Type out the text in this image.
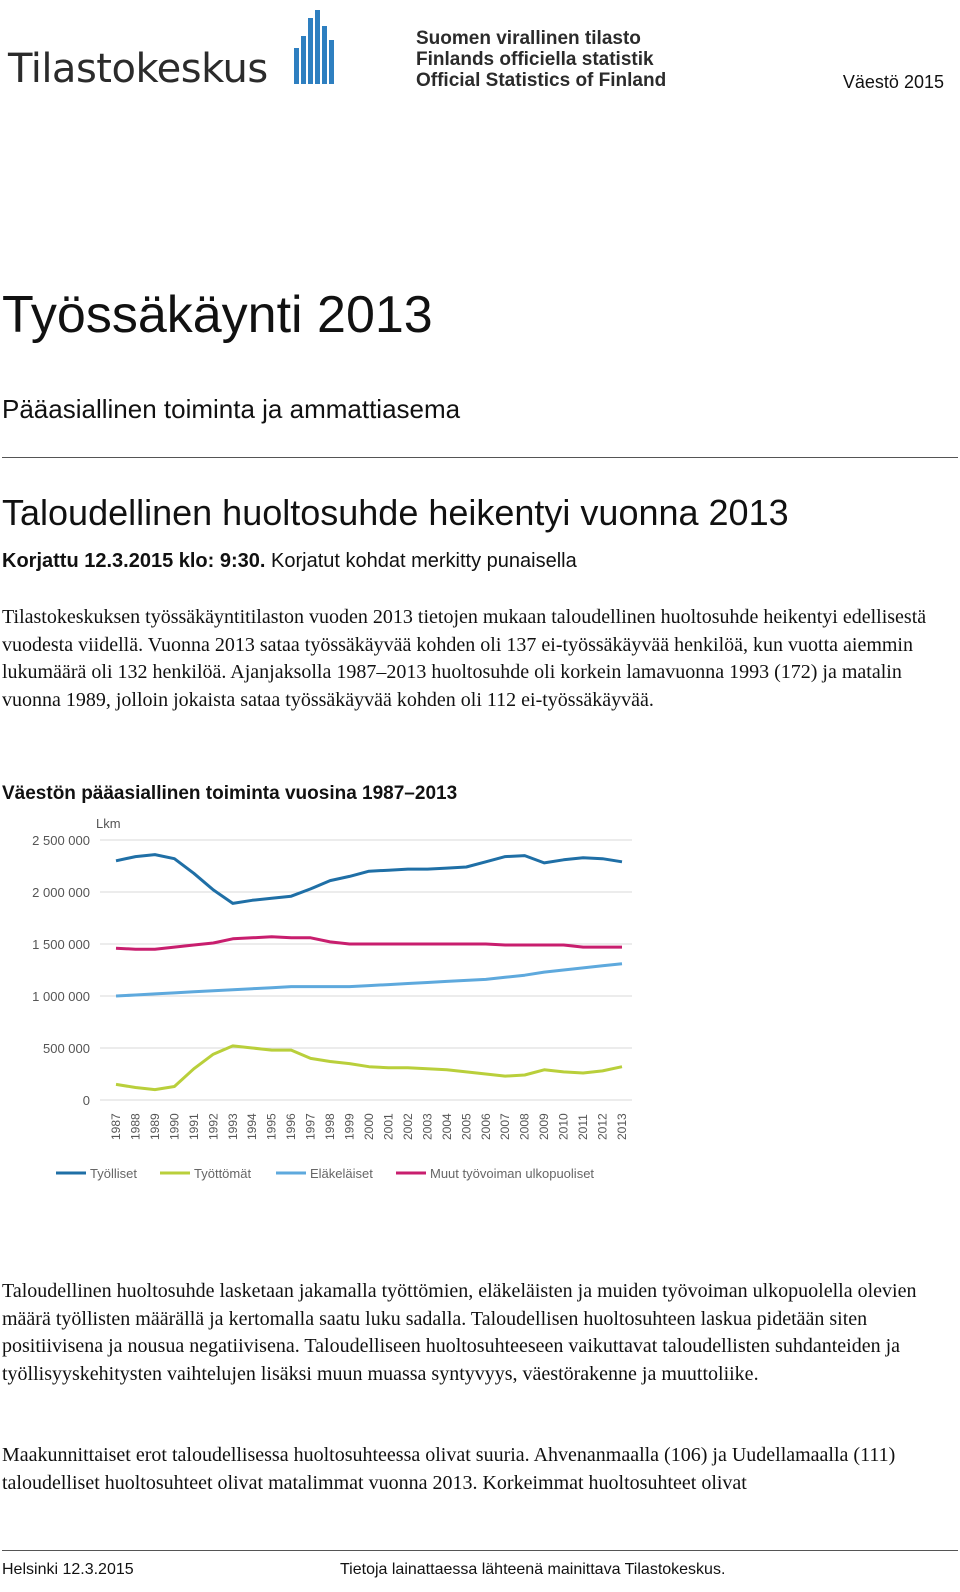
Tilastokeskus
Suomen virallinen tilasto
Finlands officiella statistik
Official Statistics of Finland	Väestö 2015
Työssäkäynti 2013
Pääasiallinen toiminta ja ammattiasema
Taloudellinen huoltosuhde heikentyi vuonna 2013
Korjattu 12.3.2015 klo: 9:30. Korjatut kohdat merkitty punaisella

Tilastokeskuksen työssäkäyntitilaston vuoden 2013 tietojen mukaan taloudellinen huoltosuhde heikentyi edellisestä vuodesta viidellä. Vuonna 2013 sataa työssäkäyvää kohden oli 137 ei-työssäkäyvää henkilöä, kun vuotta aiemmin lukumäärä oli 132 henkilöä. Ajanjaksolla 1987–2013 huoltosuhde oli korkein lamavuonna 1993 (172) ja matalin vuonna 1989, jolloin jokaista sataa työssäkäyvää kohden oli 112 ei-työssäkäyvää.

Väestön pääasiallinen toiminta vuosina 1987–2013
0
500 000
1 000 000
1 500 000
2 000 000
2 500 000
1987 1988 1989 1990 1991 1992 1993 1994 1995 1996 1997 1998 1999 2000 2001 2002 2003 2004 2005 2006 2007 2008 2009 2010 2011 2012 2013
Työlliset	Työttömät	Eläkeläiset	Muut työvoiman ulkopuoliset
Lkm

Taloudellinen huoltosuhde lasketaan jakamalla työttömien, eläkeläisten ja muiden työvoiman ulkopuolella olevien määrä työllisten määrällä ja kertomalla saatu luku sadalla. Taloudellisen huoltosuhteen laskua pidetään siten positiivisena ja nousua negatiivisena. Taloudelliseen huoltosuhteeseen vaikuttavat taloudellisten suhdanteiden ja työllisyyskehitysten vaihtelujen lisäksi muun muassa syntyvyys, väestörakenne ja muuttoliike.

Maakunnittaiset erot taloudellisessa huoltosuhteessa olivat suuria. Ahvenanmaalla (106) ja Uudellamaalla (111) taloudelliset huoltosuhteet olivat matalimmat vuonna 2013. Korkeimmat huoltosuhteet olivat

Helsinki 12.3.2015	Tietoja lainattaessa lähteenä mainittava Tilastokeskus.
